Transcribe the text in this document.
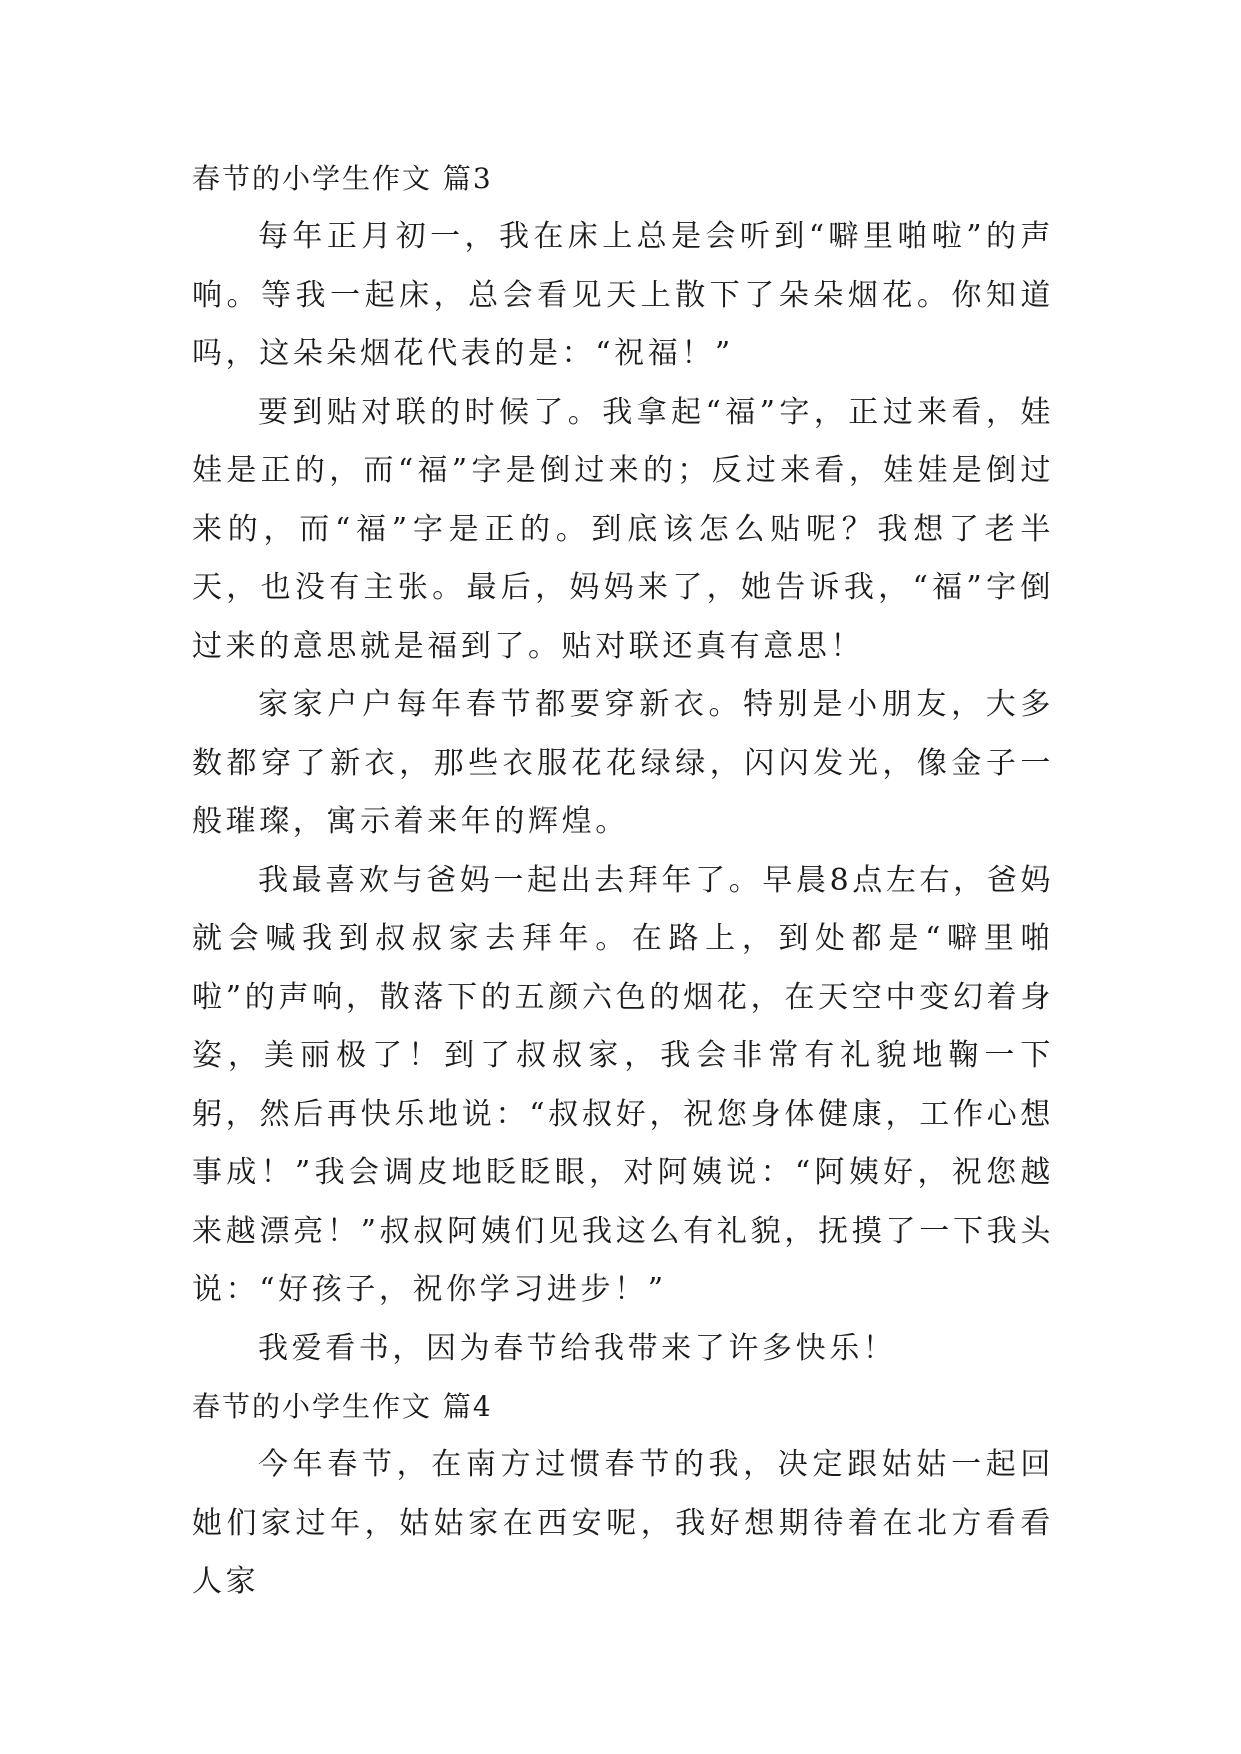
春节的小学生作文 篇3

每年正月初一，我在床上总是会听到“噼里啪啦”的声响。等我一起床，总会看见天上散下了朵朵烟花。你知道吗，这朵朵烟花代表的是：“祝福！”

要到贴对联的时候了。我拿起“福”字，正过来看，娃娃是正的，而“福”字是倒过来的；反过来看，娃娃是倒过来的，而“福”字是正的。到底该怎么贴呢？我想了老半天，也没有主张。最后，妈妈来了，她告诉我，“福”字倒过来的意思就是福到了。贴对联还真有意思！

家家户户每年春节都要穿新衣。特别是小朋友，大多数都穿了新衣，那些衣服花花绿绿，闪闪发光，像金子一般璀璨，寓示着来年的辉煌。

我最喜欢与爸妈一起出去拜年了。早晨8点左右，爸妈就会喊我到叔叔家去拜年。在路上，到处都是“噼里啪啦”的声响，散落下的五颜六色的烟花，在天空中变幻着身姿，美丽极了！到了叔叔家，我会非常有礼貌地鞠一下躬，然后再快乐地说：“叔叔好，祝您身体健康，工作心想事成！”我会调皮地眨眨眼，对阿姨说：“阿姨好，祝您越来越漂亮！”叔叔阿姨们见我这么有礼貌，抚摸了一下我头说：“好孩子，祝你学习进步！”

我爱看书，因为春节给我带来了许多快乐！

春节的小学生作文 篇4

今年春节，在南方过惯春节的我，决定跟姑姑一起回她们家过年，姑姑家在西安呢，我好想期待着在北方看看人家
